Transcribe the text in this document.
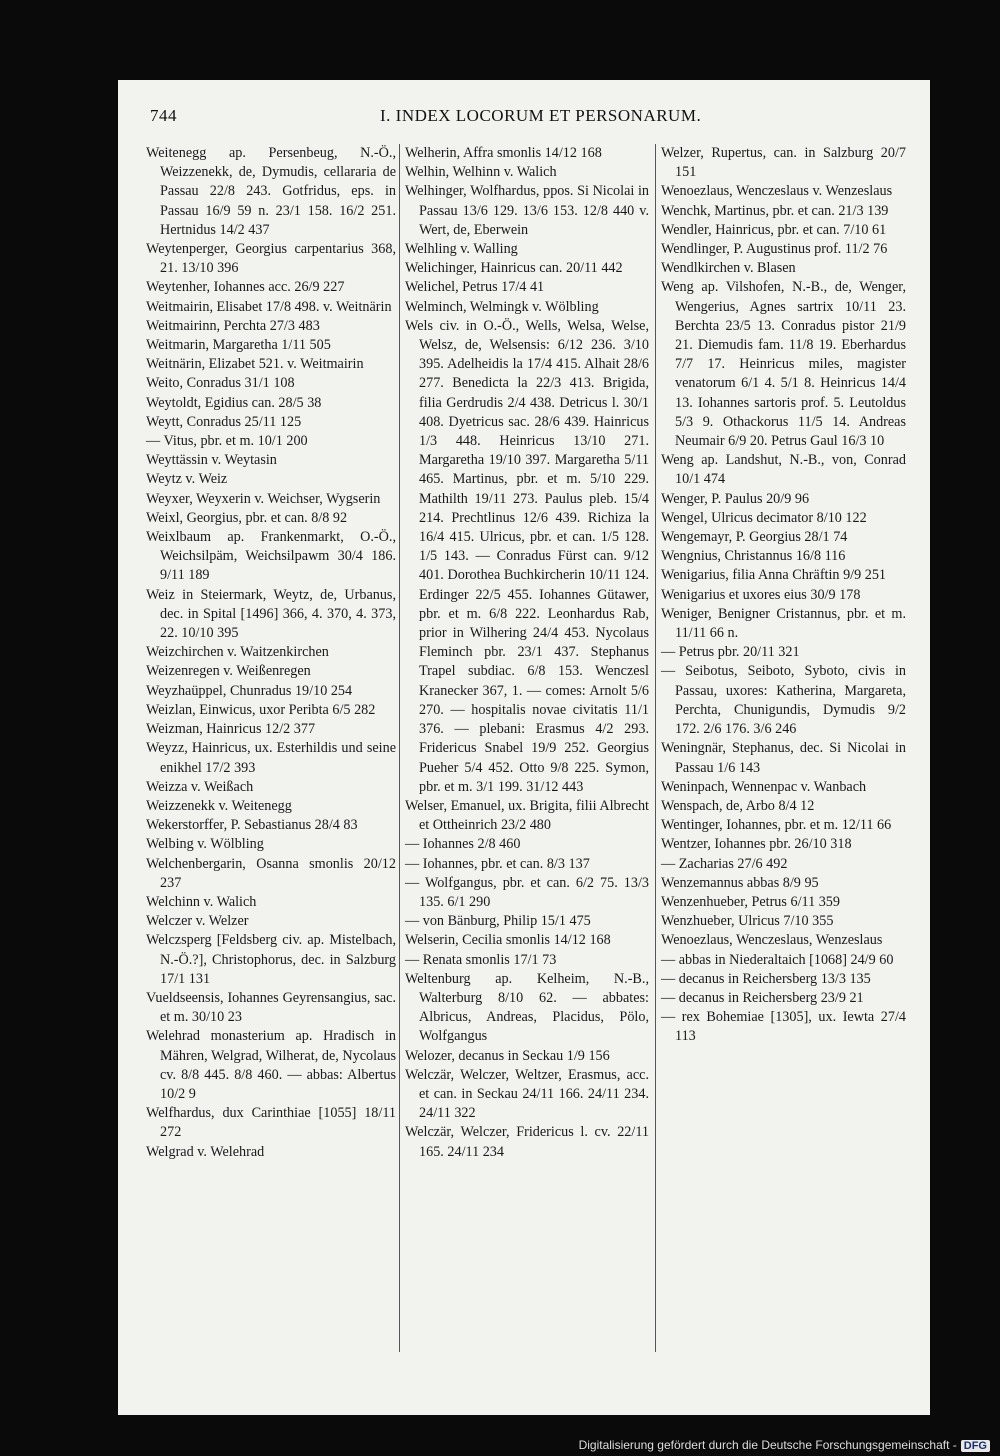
744	I. INDEX LOCORUM ET PERSONARUM.
Weitenegg ap. Persenbeug, N.-Ö., Weizzenekk, de, Dymudis, cellararia de Passau 22/8 243. Gotfridus, eps. in Passau 16/9 59 n. 23/1 158. 16/2 251. Hertnidus 14/2 437
Weytenperger, Georgius carpentarius 368, 21. 13/10 396
Weytenher, Iohannes acc. 26/9 227
Weitmairin, Elisabet 17/8 498. v. Weitnärin
Weitmairinn, Perchta 27/3 483
Weitmarin, Margaretha 1/11 505
Weitnärin, Elizabet 521. v. Weitmairin
Weito, Conradus 31/1 108
Weytoldt, Egidius can. 28/5 38
Weytt, Conradus 25/11 125
— Vitus, pbr. et m. 10/1 200
Weyttässin v. Weytasin
Weytz v. Weiz
Weyxer, Weyxerin v. Weichser, Wygserin
Weixl, Georgius, pbr. et can. 8/8 92
Weixlbaum ap. Frankenmarkt, O.-Ö., Weichsilpäm, Weichsilpawm 30/4 186. 9/11 189
Weiz in Steiermark, Weytz, de, Urbanus, dec. in Spital [1496] 366, 4. 370, 4. 373, 22. 10/10 395
Weizchirchen v. Waitzenkirchen
Weizenregen v. Weißenregen
Weyzhaüppel, Chunradus 19/10 254
Weizlan, Einwicus, uxor Peribta 6/5 282
Weizman, Hainricus 12/2 377
Weyzz, Hainricus, ux. Esterhildis und seine enikhel 17/2 393
Weizza v. Weißach
Weizzenekk v. Weitenegg
Wekerstorffer, P. Sebastianus 28/4 83
Welbing v. Wölbling
Welchenbergarin, Osanna smonlis 20/12 237
Welchinn v. Walich
Welczer v. Welzer
Welczsperg [Feldsberg civ. ap. Mistelbach, N.-Ö.?], Christophorus, dec. in Salzburg 17/1 131
Vueldseensis, Iohannes Geyrensangius, sac. et m. 30/10 23
Welehrad monasterium ap. Hradisch in Mähren, Welgrad, Wilherat, de, Nycolaus cv. 8/8 445. 8/8 460. — abbas: Albertus 10/2 9
Welfhardus, dux Carinthiae [1055] 18/11 272
Welgrad v. Welehrad
Welherin, Affra smonlis 14/12 168
Welhin, Welhinn v. Walich
Welhinger, Wolfhardus, ppos. Si Nicolai in Passau 13/6 129. 13/6 153. 12/8 440 v. Wert, de, Eberwein
Welhling v. Walling
Welichinger, Hainricus can. 20/11 442
Welichel, Petrus 17/4 41
Welminch, Welmingk v. Wölbling
Wels civ. in O.-Ö., Wells, Welsa, Welse, Welsz, de, Welsensis: 6/12 236. 3/10 395. Adelheidis la 17/4 415. Alhait 28/6 277. Benedicta la 22/3 413. Brigida, filia Gerdrudis 2/4 438. Detricus l. 30/1 408. Dyetricus sac. 28/6 439. Hainricus 1/3 448. Heinricus 13/10 271. Margaretha 19/10 397. Margaretha 5/11 465. Martinus, pbr. et m. 5/10 229. Mathilth 19/11 273. Paulus pleb. 15/4 214. Prechtlinus 12/6 439. Richiza la 16/4 415. Ulricus, pbr. et can. 1/5 128. 1/5 143. — Conradus Fürst can. 9/12 401. Dorothea Buchkircherin 10/11 124. Erdinger 22/5 455. Iohannes Gütawer, pbr. et m. 6/8 222. Leonhardus Rab, prior in Wilhering 24/4 453. Nycolaus Fleminch pbr. 23/1 437. Stephanus Trapel subdiac. 6/8 153. Wenczesl Kranecker 367, 1. — comes: Arnolt 5/6 270. — hospitalis novae civitatis 11/1 376. — plebani: Erasmus 4/2 293. Fridericus Snabel 19/9 252. Georgius Pueher 5/4 452. Otto 9/8 225. Symon, pbr. et m. 3/1 199. 31/12 443
Welser, Emanuel, ux. Brigita, filii Albrecht et Ottheinrich 23/2 480
— Iohannes 2/8 460
— Iohannes, pbr. et can. 8/3 137
— Wolfgangus, pbr. et can. 6/2 75. 13/3 135. 6/1 290
— von Bänburg, Philip 15/1 475
Welserin, Cecilia smonlis 14/12 168
— Renata smonlis 17/1 73
Weltenburg ap. Kelheim, N.-B., Walterburg 8/10 62. — abbates: Albricus, Andreas, Placidus, Pölo, Wolfgangus
Welozer, decanus in Seckau 1/9 156
Welczär, Welczer, Weltzer, Erasmus, acc. et can. in Seckau 24/11 166. 24/11 234. 24/11 322
Welczär, Welczer, Fridericus l. cv. 22/11 165. 24/11 234
Welzer, Rupertus, can. in Salzburg 20/7 151
Wenoezlaus, Wenczeslaus v. Wenzeslaus
Wenchk, Martinus, pbr. et can. 21/3 139
Wendler, Hainricus, pbr. et can. 7/10 61
Wendlinger, P. Augustinus prof. 11/2 76
Wendlkirchen v. Blasen
Weng ap. Vilshofen, N.-B., de, Wenger, Wengerius, Agnes sartrix 10/11 23. Berchta 23/5 13. Conradus pistor 21/9 21. Diemudis fam. 11/8 19. Eberhardus 7/7 17. Heinricus miles, magister venatorum 6/1 4. 5/1 8. Heinricus 14/4 13. Iohannes sartoris prof. 5. Leutoldus 5/3 9. Othackorus 11/5 14. Andreas Neumair 6/9 20. Petrus Gaul 16/3 10
Weng ap. Landshut, N.-B., von, Conrad 10/1 474
Wenger, P. Paulus 20/9 96
Wengel, Ulricus decimator 8/10 122
Wengemayr, P. Georgius 28/1 74
Wengnius, Christannus 16/8 116
Wenigarius, filia Anna Chräftin 9/9 251
Wenigarius et uxores eius 30/9 178
Weniger, Benigner Cristannus, pbr. et m. 11/11 66 n.
— Petrus pbr. 20/11 321
— Seibotus, Seiboto, Syboto, civis in Passau, uxores: Katherina, Margareta, Perchta, Chunigundis, Dymudis 9/2 172. 2/6 176. 3/6 246
Weningnär, Stephanus, dec. Si Nicolai in Passau 1/6 143
Weninpach, Wennenpac v. Wanbach
Wenspach, de, Arbo 8/4 12
Wentinger, Iohannes, pbr. et m. 12/11 66
Wentzer, Iohannes pbr. 26/10 318
— Zacharias 27/6 492
Wenzemannus abbas 8/9 95
Wenzenhueber, Petrus 6/11 359
Wenzhueber, Ulricus 7/10 355
Wenoezlaus, Wenczeslaus, Wenzeslaus
— abbas in Niederaltaich [1068] 24/9 60
— decanus in Reichersberg 13/3 135
— decanus in Reichersberg 23/9 21
— rex Bohemiae [1305], ux. Iewta 27/4 113
Digitalisierung gefördert durch die Deutsche Forschungsgemeinschaft - DFG
